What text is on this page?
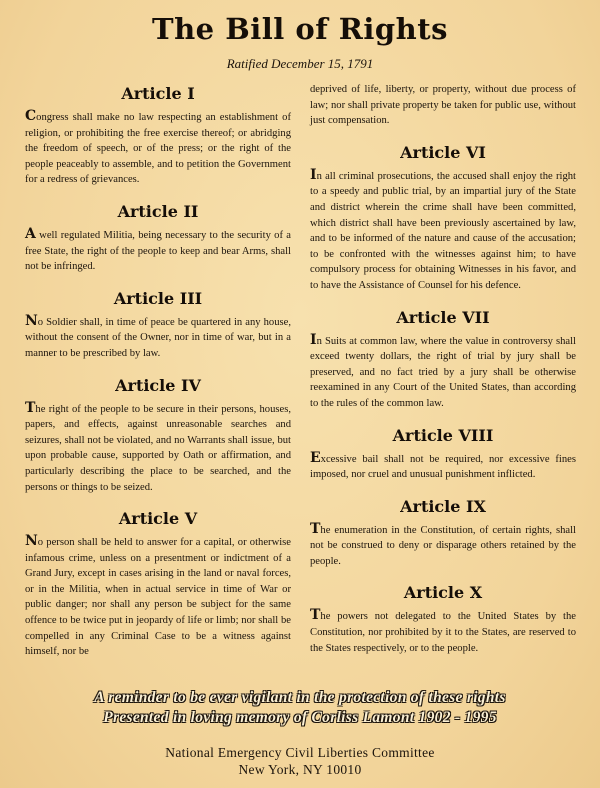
The Bill of Rights
Ratified December 15, 1791
Article I

Congress shall make no law respecting an establishment of religion, or prohibiting the free exercise thereof; or abridging the freedom of speech, or of the press; or the right of the people peaceably to assemble, and to petition the Government for a redress of grievances.

Article II

A well regulated Militia, being necessary to the security of a free State, the right of the people to keep and bear Arms, shall not be infringed.

Article III

No Soldier shall, in time of peace be quartered in any house, without the consent of the Owner, nor in time of war, but in a manner to be prescribed by law.

Article IV

The right of the people to be secure in their persons, houses, papers, and effects, against unreasonable searches and seizures, shall not be violated, and no Warrants shall issue, but upon probable cause, supported by Oath or affirmation, and particularly describing the place to be searched, and the persons or things to be seized.

Article V

No person shall be held to answer for a capital, or otherwise infamous crime, unless on a presentment or indictment of a Grand Jury, except in cases arising in the land or naval forces, or in the Militia, when in actual service in time of War or public danger; nor shall any person be subject for the same offence to be twice put in jeopardy of life or limb; nor shall be compelled in any Criminal Case to be a witness against himself, nor be

deprived of life, liberty, or property, without due process of law; nor shall private property be taken for public use, without just compensation.

Article VI

In all criminal prosecutions, the accused shall enjoy the right to a speedy and public trial, by an impartial jury of the State and district wherein the crime shall have been committed, which district shall have been previously ascertained by law, and to be informed of the nature and cause of the accusation; to be confronted with the witnesses against him; to have compulsory process for obtaining Witnesses in his favor, and to have the Assistance of Counsel for his defence.

Article VII

In Suits at common law, where the value in controversy shall exceed twenty dollars, the right of trial by jury shall be preserved, and no fact tried by a jury shall be otherwise reexamined in any Court of the United States, than according to the rules of the common law.

Article VIII

Excessive bail shall not be required, nor excessive fines imposed, nor cruel and unusual punishment inflicted.

Article IX

The enumeration in the Constitution, of certain rights, shall not be construed to deny or disparage others retained by the people.

Article X

The powers not delegated to the United States by the Constitution, nor prohibited by it to the States, are reserved to the States respectively, or to the people.

A reminder to be ever vigilant in the protection of these rights
Presented in loving memory of Corliss Lamont 1902 - 1995
National Emergency Civil Liberties Committee
New York, NY 10010
